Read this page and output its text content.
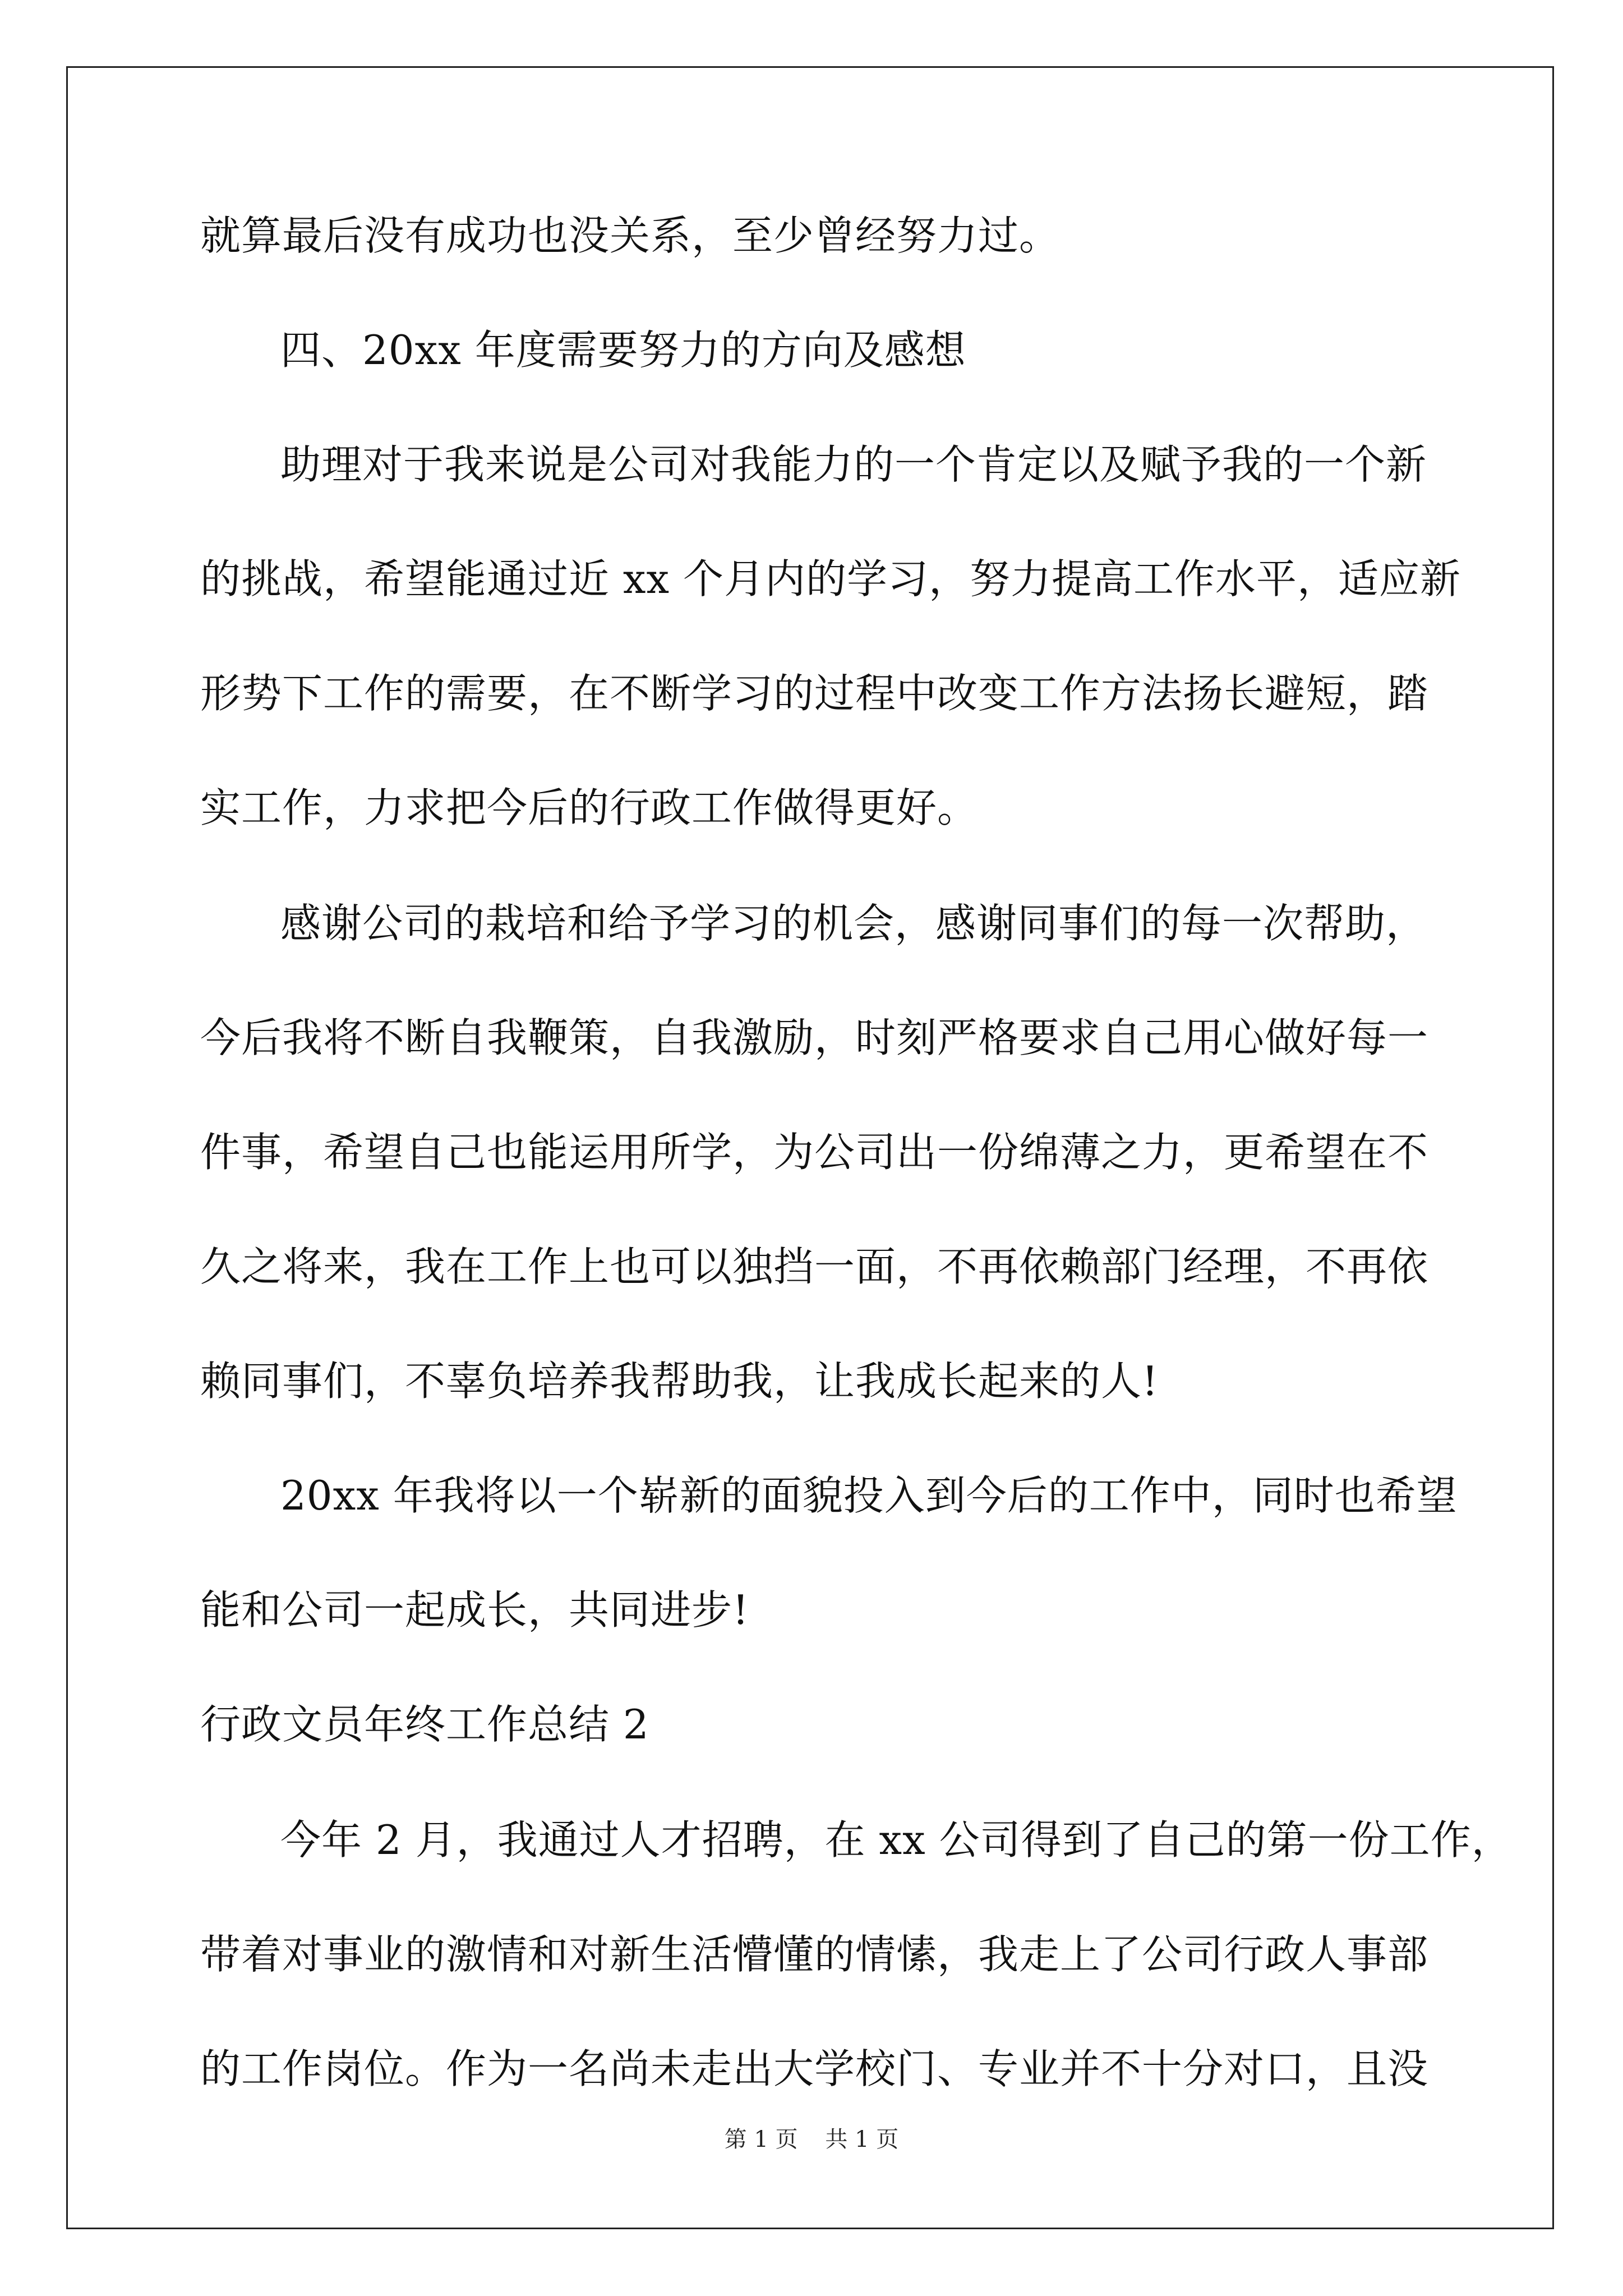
就算最后没有成功也没关系，至少曾经努力过。
四、20xx 年度需要努力的方向及感想
助理对于我来说是公司对我能力的一个肯定以及赋予我的一个新
的挑战，希望能通过近 xx 个月内的学习，努力提高工作水平，适应新
形势下工作的需要，在不断学习的过程中改变工作方法扬长避短，踏
实工作，力求把今后的行政工作做得更好。
感谢公司的栽培和给予学习的机会，感谢同事们的每一次帮助，
今后我将不断自我鞭策，自我激励，时刻严格要求自己用心做好每一
件事，希望自己也能运用所学，为公司出一份绵薄之力，更希望在不
久之将来，我在工作上也可以独挡一面，不再依赖部门经理，不再依
赖同事们，不辜负培养我帮助我，让我成长起来的人!
20xx 年我将以一个崭新的面貌投入到今后的工作中，同时也希望
能和公司一起成长，共同进步!
行政文员年终工作总结 2
今年 2 月，我通过人才招聘，在 xx 公司得到了自己的第一份工作，
带着对事业的激情和对新生活懵懂的情愫，我走上了公司行政人事部
的工作岗位。作为一名尚未走出大学校门、专业并不十分对口，且没
第 1 页 共 1 页
